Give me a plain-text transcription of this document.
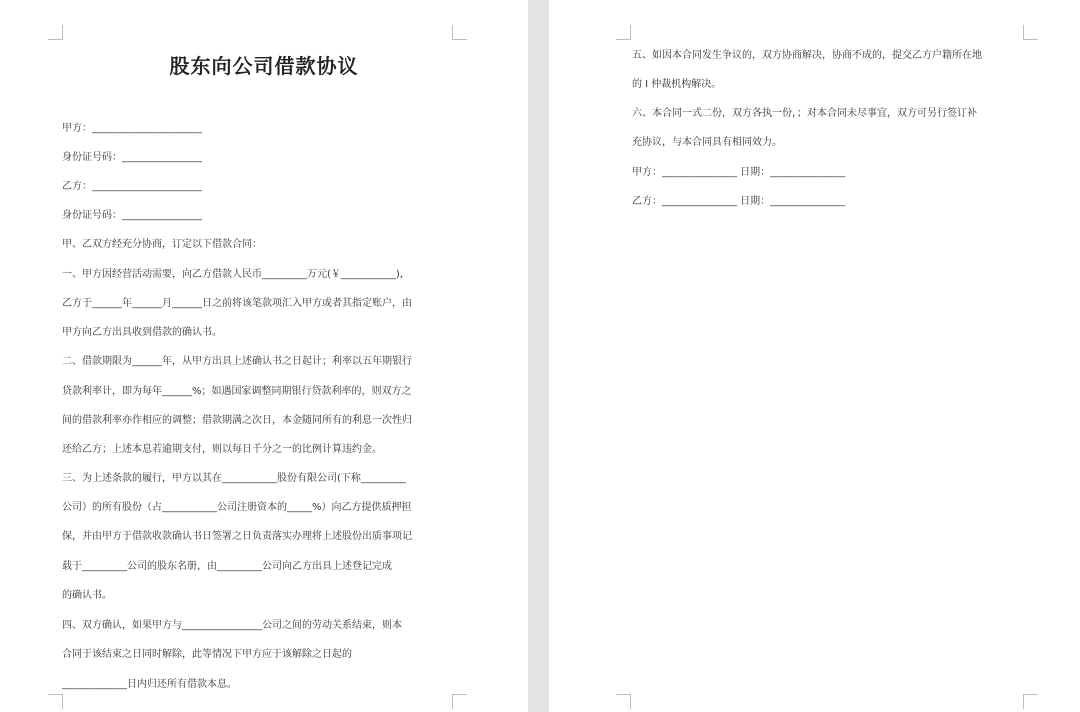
股东向公司借款协议

甲方：______________________

身份证号码：________________

乙方：______________________

身份证号码：________________

甲、乙双方经充分协商，订定以下借款合同：

一、甲方因经营活动需要，向乙方借款人民币_________万元(￥___________)，

乙方于______年______月______日之前将该笔款项汇入甲方或者其指定账户，由

甲方向乙方出具收到借款的确认书。

二、借款期限为______年，从甲方出具上述确认书之日起计；利率以五年期银行

贷款利率计，即为每年______%；如遇国家调整同期银行贷款利率的，则双方之

间的借款利率亦作相应的调整；借款期满之次日，本金随同所有的利息一次性归

还给乙方；上述本息若逾期支付，则以每日千分之一的比例计算违约金。

三、为上述条款的履行，甲方以其在___________股份有限公司(下称_________

公司）的所有股份（占___________公司注册资本的_____%）向乙方提供质押担

保，并由甲方于借款收款确认书日签署之日负责落实办理将上述股份出质事项记

载于_________公司的股东名册，由_________公司向乙方出具上述登记完成

的确认书。

四、双方确认，如果甲方与________________公司之间的劳动关系结束，则本

合同于该结束之日同时解除，此等情况下甲方应于该解除之日起的

_____________日内归还所有借款本息。

五、如因本合同发生争议的，双方协商解决，协商不成的，提交乙方户籍所在地

的 I 仲裁机构解决。

六、本合同一式二份，双方各执一份，；对本合同未尽事宜，双方可另行签订补

充协议，与本合同具有相同效力。

甲方：_______________ 日期：_______________

乙方：_______________ 日期：_______________
